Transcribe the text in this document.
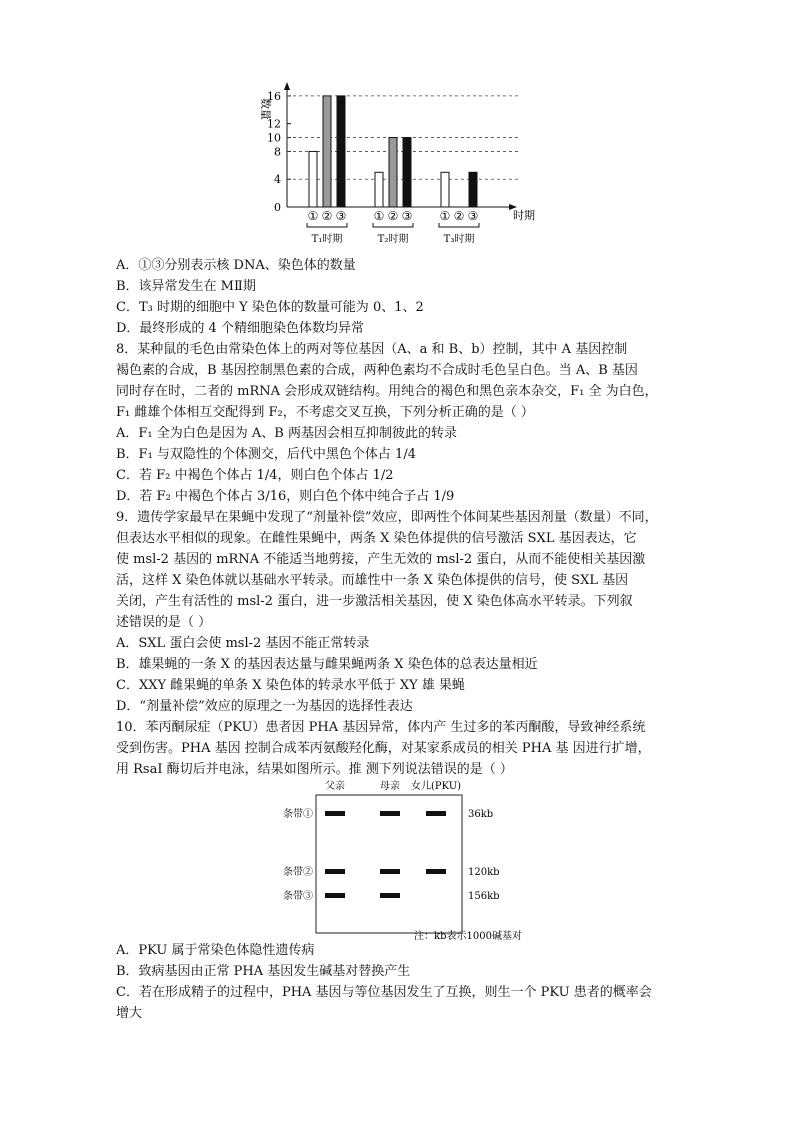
数量
时期
0
4
8
10
12
16
① ② ③
T₁时期
① ② ③
T₂时期
① ② ③
T₃时期
A．①③分别表示核 DNA、染色体的数量
B．该异常发生在 MⅡ期
C．T₃ 时期的细胞中 Y 染色体的数量可能为 0、1、2
D．最终形成的 4 个精细胞染色体数均异常
8．某种鼠的毛色由常染色体上的两对等位基因（A、a 和 B、b）控制，其中 A 基因控制
褐色素的合成，B 基因控制黑色素的合成，两种色素均不合成时毛色呈白色。当 A、B 基因
同时存在时，二者的 mRNA 会形成双链结构。用纯合的褐色和黑色亲本杂交，F₁ 全 为白色，
F₁ 雌雄个体相互交配得到 F₂，不考虑交叉互换，下列分析正确的是（ ）
A．F₁ 全为白色是因为 A、B 两基因会相互抑制彼此的转录
B．F₁ 与双隐性的个体测交，后代中黑色个体占 1/4
C．若 F₂ 中褐色个体占 1/4，则白色个体占 1/2
D．若 F₂ 中褐色个体占 3/16，则白色个体中纯合子占 1/9
9．遗传学家最早在果蝇中发现了“剂量补偿”效应，即两性个体间某些基因剂量（数量）不同，
但表达水平相似的现象。在雌性果蝇中，两条 X 染色体提供的信号激活 SXL 基因表达，它
使 msl-2 基因的 mRNA 不能适当地剪接，产生无效的 msl-2 蛋白，从而不能使相关基因激
活，这样 X 染色体就以基础水平转录。而雄性中一条 X 染色体提供的信号，使 SXL 基因
关闭，产生有活性的 msl-2 蛋白，进一步激活相关基因，使 X 染色体高水平转录。下列叙
述错误的是（ ）
A．SXL 蛋白会使 msl-2 基因不能正常转录
B．雄果蝇的一条 X 的基因表达量与雌果蝇两条 X 染色体的总表达量相近
C．XXY 雌果蝇的单条 X 染色体的转录水平低于 XY 雄 果蝇
D．“剂量补偿”效应的原理之一为基因的选择性表达
10．苯丙酮尿症（PKU）患者因 PHA 基因异常，体内产 生过多的苯丙酮酸，导致神经系统
受到伤害。PHA 基因 控制合成苯丙氨酸羟化酶，对某家系成员的相关 PHA 基 因进行扩增，
用 RsaⅠ 酶切后并电泳，结果如图所示。推 测下列说法错误的是（ ）
父亲	母亲 女儿(PKU)
条带①
条带②
条带③
36kb
120kb
156kb
注：kb表示1000碱基对
A．PKU 属于常染色体隐性遗传病
B．致病基因由正常 PHA 基因发生碱基对替换产生
C．若在形成精子的过程中，PHA 基因与等位基因发生了互换，则生一个 PKU 患者的概率会
增大
